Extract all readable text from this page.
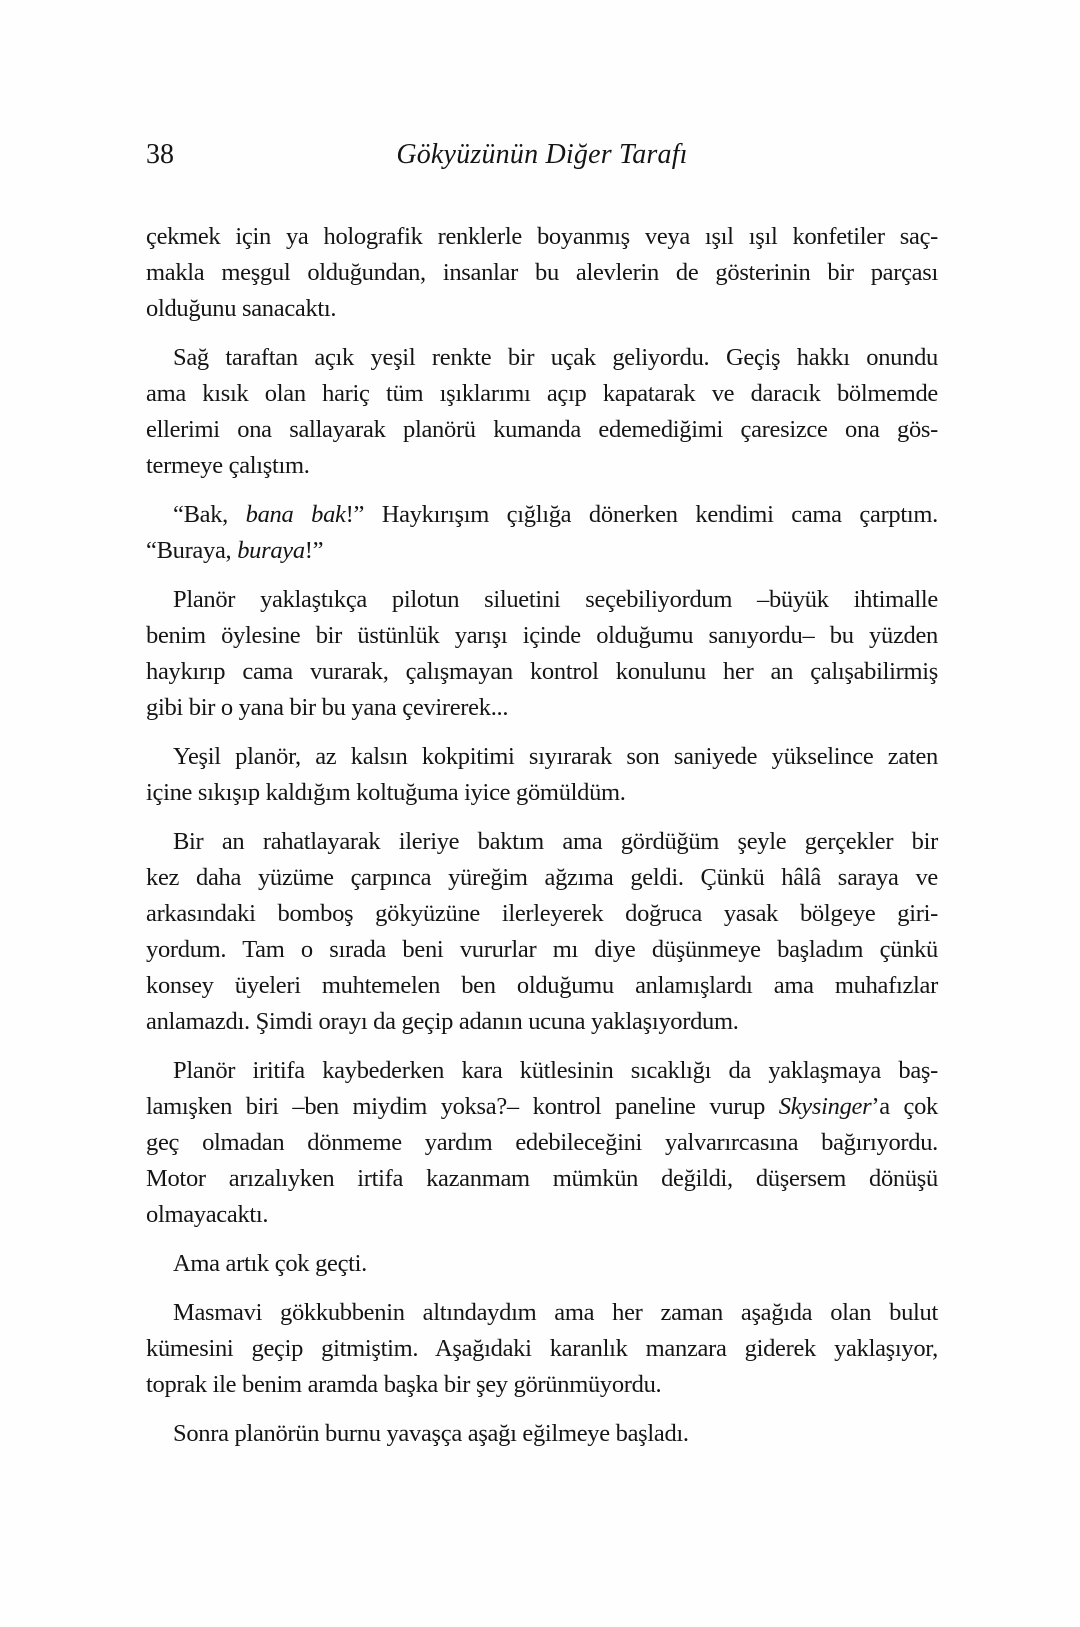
38	Gökyüzünün Diğer Tarafı
çekmek için ya holografik renklerle boyanmış veya ışıl ışıl konfetiler saç-
makla meşgul olduğundan, insanlar bu alevlerin de gösterinin bir parçası
olduğunu sanacaktı.
Sağ taraftan açık yeşil renkte bir uçak geliyordu. Geçiş hakkı onundu
ama kısık olan hariç tüm ışıklarımı açıp kapatarak ve daracık bölmemde
ellerimi ona sallayarak planörü kumanda edemediğimi çaresizce ona gös-
termeye çalıştım.
“Bak, bana bak!” Haykırışım çığlığa dönerken kendimi cama çarptım.
“Buraya, buraya!”
Planör yaklaştıkça pilotun siluetini seçebiliyordum –büyük ihtimalle
benim öylesine bir üstünlük yarışı içinde olduğumu sanıyordu– bu yüzden
haykırıp cama vurarak, çalışmayan kontrol konulunu her an çalışabilirmiş
gibi bir o yana bir bu yana çevirerek...
Yeşil planör, az kalsın kokpitimi sıyırarak son saniyede yükselince zaten
içine sıkışıp kaldığım koltuğuma iyice gömüldüm.
Bir an rahatlayarak ileriye baktım ama gördüğüm şeyle gerçekler bir
kez daha yüzüme çarpınca yüreğim ağzıma geldi. Çünkü hâlâ saraya ve
arkasındaki bomboş gökyüzüne ilerleyerek doğruca yasak bölgeye giri-
yordum. Tam o sırada beni vururlar mı diye düşünmeye başladım çünkü
konsey üyeleri muhtemelen ben olduğumu anlamışlardı ama muhafızlar
anlamazdı. Şimdi orayı da geçip adanın ucuna yaklaşıyordum.
Planör iritifa kaybederken kara kütlesinin sıcaklığı da yaklaşmaya baş-
lamışken biri –ben miydim yoksa?– kontrol paneline vurup Skysinger’a çok
geç olmadan dönmeme yardım edebileceğini yalvarırcasına bağırıyordu.
Motor arızalıyken irtifa kazanmam mümkün değildi, düşersem dönüşü
olmayacaktı.
Ama artık çok geçti.
Masmavi gökkubbenin altındaydım ama her zaman aşağıda olan bulut
kümesini geçip gitmiştim. Aşağıdaki karanlık manzara giderek yaklaşıyor,
toprak ile benim aramda başka bir şey görünmüyordu.
Sonra planörün burnu yavaşça aşağı eğilmeye başladı.
